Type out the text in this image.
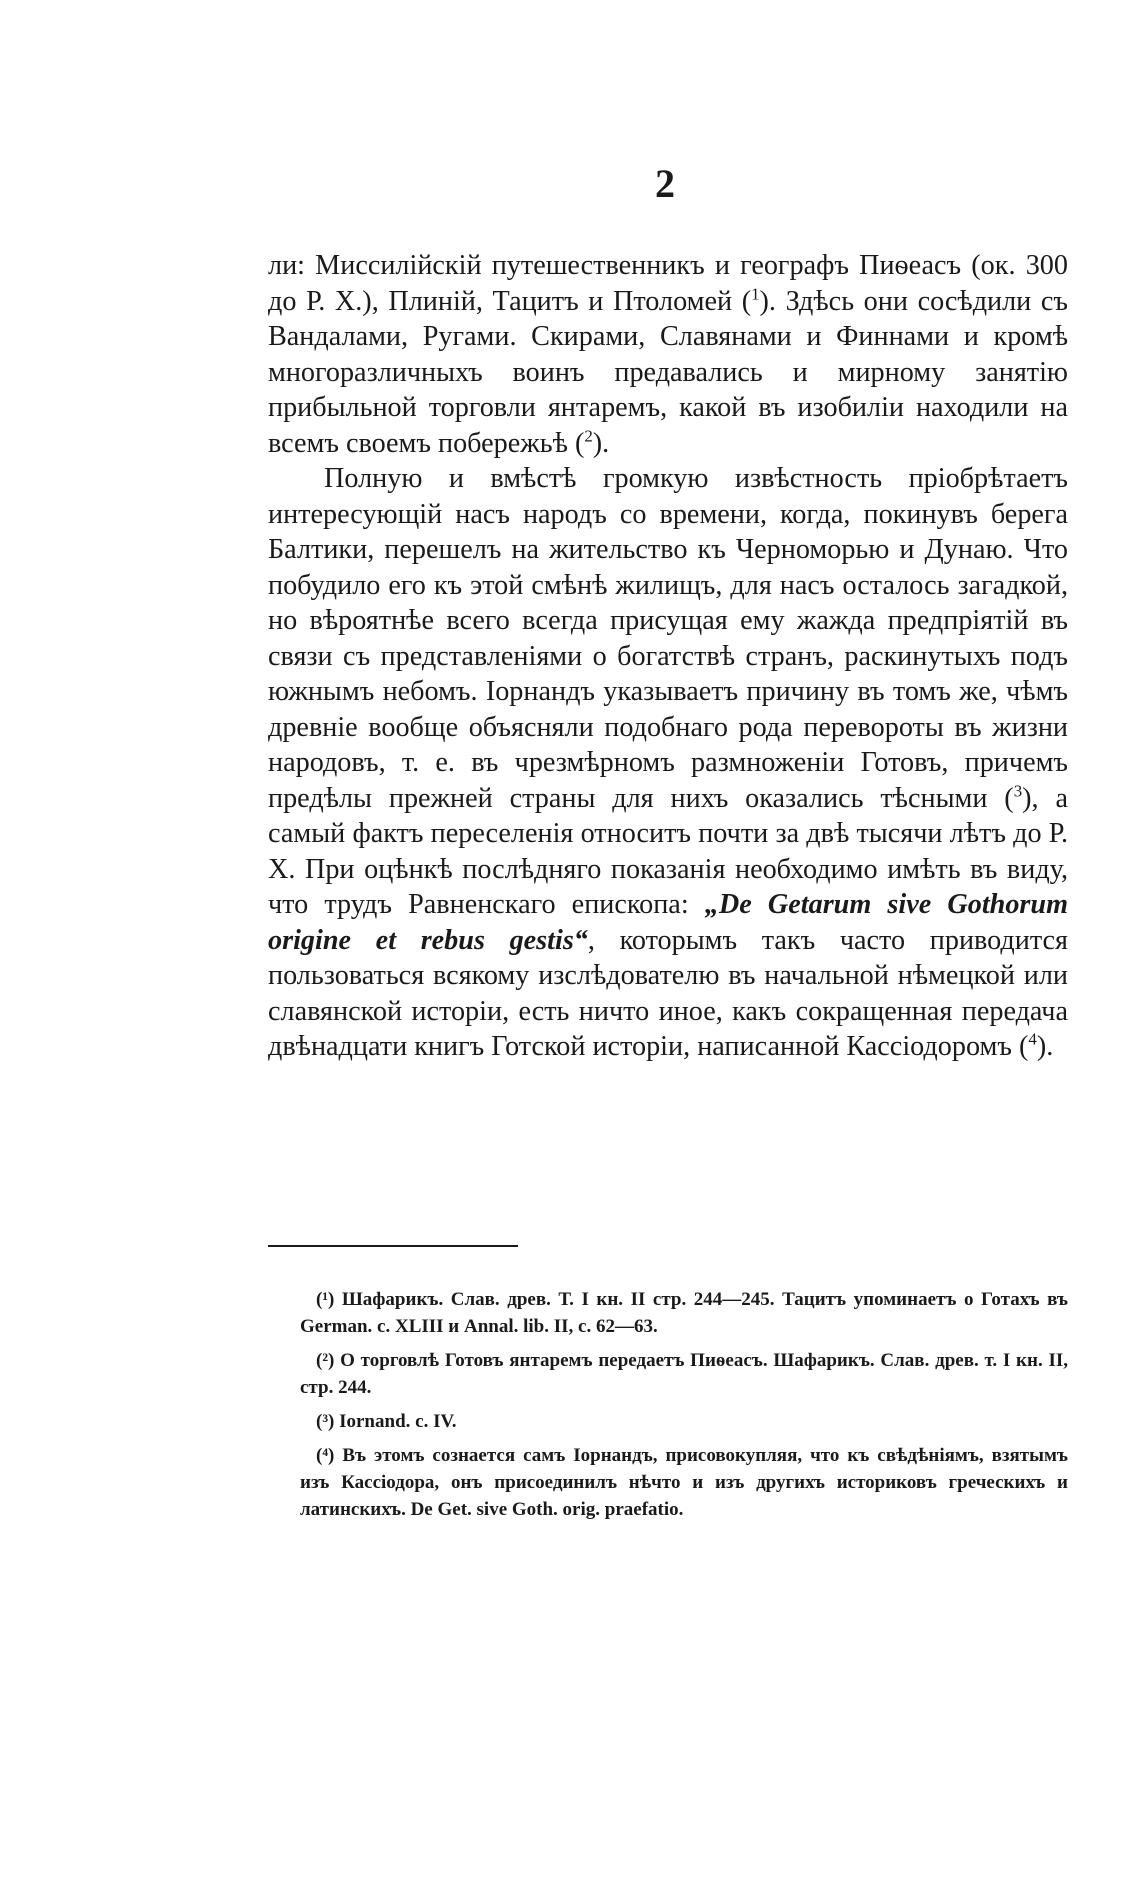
2

ли: Миссилійскій путешественникъ и географъ Пиѳеасъ (ок. 300 до Р. Х.), Плиній, Тацитъ и Птоломей ($^1$). Здѣсь они сосѣдили съ Вандалами, Ругами. Скирами, Славянами и Финнами и кромѣ многоразличныхъ воинъ предавались и мирному занятію прибыльной торговли янтаремъ, какой въ изобиліи находили на всемъ своемъ побережьѣ ($^2$).

Полную и вмѣстѣ громкую извѣстность пріобрѣтаетъ интересующій насъ народъ со времени, когда, покинувъ берега Балтики, перешелъ на жительство къ Черноморью и Дунаю. Что побудило его къ этой смѣнѣ жилищъ, для насъ осталось загадкой, но вѣроятнѣе всего всегда присущая ему жажда предпріятій въ связи съ представленіями о богатствѣ странъ, раскинутыхъ подъ южнымъ небомъ. Іорнандъ указываетъ причину въ томъ же, чѣмъ древніе вообще объясняли подобнаго рода перевороты въ жизни народовъ, т. е. въ чрезмѣрномъ размноженіи Готовъ, причемъ предѣлы прежней страны для нихъ оказались тѣсными ($^3$), а самый фактъ переселенія относитъ почти за двѣ тысячи лѣтъ до Р. Х. При оцѣнкѣ послѣдняго показанія необходимо имѣть въ виду, что трудъ Равненскаго епископа: „De Getarum sive Gothorum origine et rebus gestis“, которымъ такъ часто приводится пользоваться всякому изслѣдователю въ начальной нѣмецкой или славянской исторіи, есть ничто иное, какъ сокращенная передача двѣнадцати книгъ Готской исторіи, написанной Кассіодоромъ ($^4$).

(¹) Шафарикъ. Слав. древ. Т. I кн. II стр. 244—245. Тацитъ упоминаетъ о Готахъ въ German. c. XLIII и Annal. lib. II, c. 62—63.

(²) О торговлѣ Готовъ янтаремъ передаетъ Пиѳеасъ. Шафарикъ. Слав. древ. т. I кн. II, стр. 244.

(³) Iornand. c. IV.

(⁴) Въ этомъ сознается самъ Іорнандъ, присовокупляя, что къ свѣдѣніямъ, взятымъ изъ Кассіодора, онъ присоединилъ нѣчто и изъ другихъ историковъ греческихъ и латинскихъ. De Get. sive Goth. orig. praefatio.
